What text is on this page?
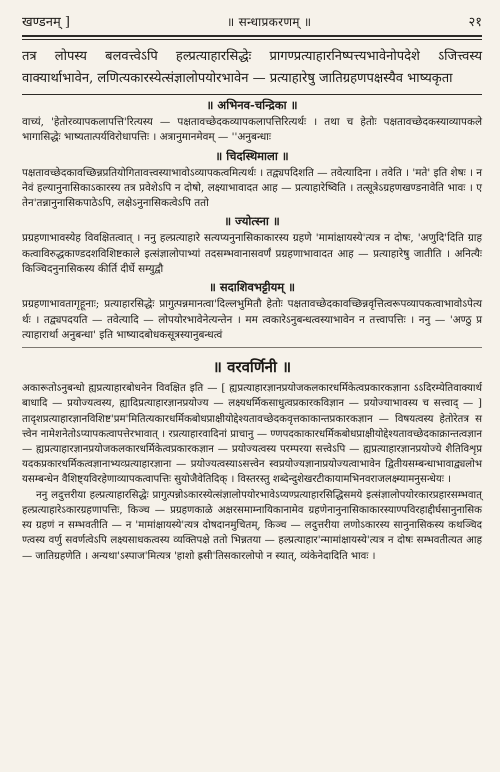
खण्डनम् ]	॥ सन्धाप्रकरणम् ॥	२१

तत्र लोपस्य बलवत्त्वेऽपि हल्प्रत्याहारसिद्धेः प्रागण्प्रत्याहारनिष्पत्त्यभावेनोपदेशे ऽजित्त्वस्य वाक्यार्थाभावेन, लणित्यकारस्येत्संज्ञालोपयोरभावेन — प्रत्याहारेषु जातिग्रहणपक्षस्यैव भाष्यकृता

॥ अभिनव-चन्द्रिका ॥

वाच्यं, 'हेतोरव्यापकलापत्ति'रित्यस्य — पक्षतावच्छेदकव्यापकलापत्तिरित्यर्थः । तथा च हेतोः पक्षतावच्छेदकस्याव्यापकले भागासिद्धेः भाष्यतात्पर्यविरोधापत्तिः । अत्रानुमानमेवम् — ''अनुबन्धाः

॥ चिदस्थिमाला ॥

पक्षतावच्छेदकावच्छिन्नप्रतियोगितावत्त्वस्याभावोऽव्यापकत्वमित्यर्थः । तद्व्यपदिशति — तवेत्यादिना । तवेति । 'मते' इति शेषः । ननेवं हल्यानुनासिकाऽकारस्य तत्र प्रवेशेऽपि न दोषो, लक्ष्याभावादत आह — प्रत्याहारेष्विति । तत्सूत्रेऽग्रहणखण्डनावेति भावः । एतेन'तन्नानुनासिकपाठेऽपि, लक्षेऽनुनासिकत्वेऽपि ततो

॥ ज्योत्स्ना ॥

प्रग्रहणाभावस्येह विवक्षितत्वात् । ननु हल्प्रत्याहारे सत्यप्यनुनासिकाकारस्य ग्रहणे 'मामांक्षायस्ये'त्यत्र न दोषः, 'अणुदि'दिति ग्राहकत्वाविरुद्धकाण्डदशविशिष्टकाले इत्संज्ञालोपाभ्यां तदसम्भवानासवर्णं प्रग्रहणाभावादत आह — प्रत्याहारेषु जातीति । अनित्यैः किञ्चिदनुनासिकस्य कीर्ति दीर्घे सम्युद्वौ

॥ सदाशिवभट्टीयम् ॥

प्रग्रहणाभावतागृहूनाः; प्रत्याहारसिद्धेः प्रागुत्पन्नमानत्वा'दिल्लभुमितौ हेतोः पक्षतावच्छेदकावच्छिन्नवृत्तित्वरूपव्यापकत्वाभावोऽपेत्यर्थः । तद्व्यपदयति — तवेत्यादि — लोपयोरभावेनेत्यन्तेन । मम त्वकारेऽनुबन्धत्वस्याभावेन न तत्त्वापत्तिः । ननु — 'अण्ठु प्रत्याहारार्था अनुबन्धा' इति भाष्यादबोधकसूत्रस्यानुबन्धत्वं

॥ वरवर्णिनी ॥

अकारूतोऽनुबन्धो ह्यप्रत्याहारबोधनेन विवक्षित इति — [ ह्यप्रत्याहारज्ञानप्रयोजकलकारधर्मिकेत्वप्रकारकज्ञाना ऽऽदिरम्येतिवाक्यार्थबाधादि — प्रयोज्यत्वस्य, ह्यादिप्रत्याहारज्ञानप्रयोज्य — लक्ष्यधर्मिकसाधुत्वप्रकारकविज्ञान — प्रयोज्याभावस्य च सत्त्वाद् — ] तादृशप्रत्याहारज्ञानविशिष्ट'प्रम'मितित्यकारधर्मिकबोधप्राक्षीयोद्देश्यतावच्छेदकवृत्तकाकान्तप्रकारकज्ञान — विषयत्वस्य हेतोरेतत्र सत्त्वेन नामेशनेतोऽप्यापकत्वापत्तेरभावात् । रप्रत्याहारवादिनां प्राचानु — ण्णपदकाकारधर्मिकबोधप्राक्षीयोद्देश्यतावच्छेदकाक्रान्तत्वज्ञान — ह्यप्रत्याहारज्ञानप्रयोजकलकारधर्मिकेत्वप्रकारकज्ञान — प्रयोज्यत्वस्य परम्परया सत्त्वेऽपि — ह्यप्रत्याहारज्ञानप्रयोज्ये शैतिविशृप्रयदकप्रकारधर्मिकत्वज्ञानाभ्यव्प्रत्याहारज्ञाना — प्रयोज्यत्वस्याऽसत्त्वेन स्वप्रयोज्यज्ञानाप्रयोज्यत्वाभावेन द्वितीयसम्बन्धाभावाद्व्यलोभयसम्बन्धेन वैशिष्ट्यविरहेणाव्यापकत्वापत्तिः सुयोजैवेतिदिक् । विस्तरस्तु शब्देन्दुशेखरटीकायामभिनवराजलक्ष्म्यामनुसन्धेयः ।

ननु लदुत्तरीया हल्प्रत्याहारसिद्धेः प्रागुत्पन्नोऽकारस्येत्संज्ञालोपयोरभावेऽप्यण्प्रत्याहारसिद्धिसमये इत्संज्ञालोपयोरकारप्रहारसम्भवात् हल्प्रत्याहारेऽकारग्रहणापत्तिः, किञ्च — प्रग्रहणकाळे अक्षरसमाम्नायिकानामेव ग्रहणेनानुनासिकाकारस्याण्पविरहाद्दीर्घसानुनासिकस्य ग्रहणं न सम्भवतीति — न 'मामांक्षायस्ये'त्यत्र दोषदानमुचितम्, किञ्च — लदुत्तरीया लणोऽकारस्य सानुनासिकस्य कथञ्चिदण्त्वस्य वर्णु सवर्णत्वेऽपि लक्ष्यसाधकत्वस्य व्यक्तिपक्षे ततो भिन्नतया — हल्प्रत्याहार'न्मामांक्षायस्ये'त्यत्र न दोषः सम्भवतीत्यत आह — जातिग्रहणेति । अन्यथा'ऽस्पाज'मित्यत्र 'हाशो ह्रसी'तिसकारलोपो न स्यात्, व्यंकेनेदादिति भावः ।
